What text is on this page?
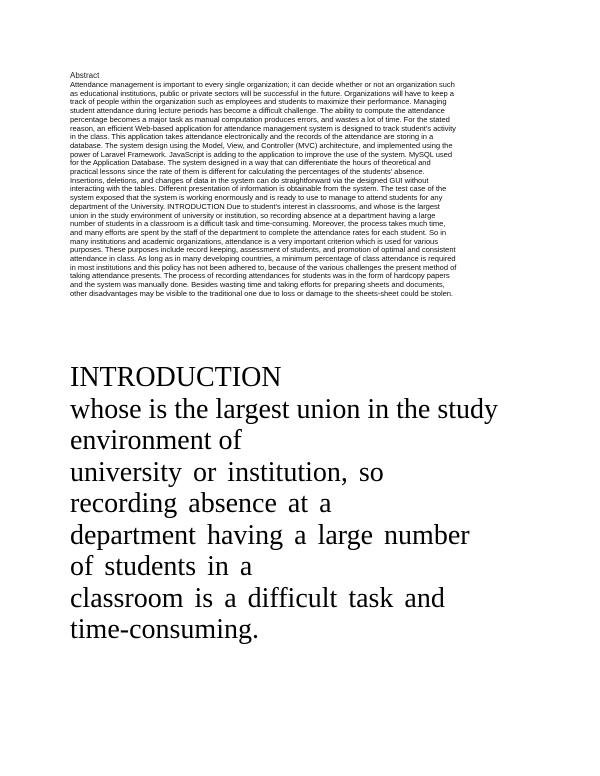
Abstract

Attendance management is important to every single organization; it can decide whether or not an organization such

as educational institutions, public or private sectors will be successful in the future. Organizations will have to keep a

track of people within the organization such as employees and students to maximize their performance. Managing

student attendance during lecture periods has become a difficult challenge. The ability to compute the attendance

percentage becomes a major task as manual computation produces errors, and wastes a lot of time. For the stated

reason, an efficient Web-based application for attendance management system is designed to track student's activity

in the class. This application takes attendance electronically and the records of the attendance are storing in a

database. The system design using the Model, View, and Controller (MVC) architecture, and implemented using the

power of Laravel Framework. JavaScript is adding to the application to improve the use of the system. MySQL used

for the Application Database. The system designed in a way that can differentiate the hours of theoretical and

practical lessons since the rate of them is different for calculating the percentages of the students' absence.

Insertions, deletions, and changes of data in the system can do straightforward via the designed GUI without

interacting with the tables. Different presentation of information is obtainable from the system. The test case of the

system exposed that the system is working enormously and is ready to use to manage to attend students for any

department of the University. INTRODUCTION Due to student's interest in classrooms, and whose is the largest

union in the study environment of university or institution, so recording absence at a department having a large

number of students in a classroom is a difficult task and time-consuming. Moreover, the process takes much time,

and many efforts are spent by the staff of the department to complete the attendance rates for each student. So in

many institutions and academic organizations, attendance is a very important criterion which is used for various

purposes. These purposes include record keeping, assessment of students, and promotion of optimal and consistent

attendance in class. As long as in many developing countries, a minimum percentage of class attendance is required

in most institutions and this policy has not been adhered to, because of the various challenges the present method of

taking attendance presents. The process of recording attendances for students was in the form of hardcopy papers

and the system was manually done. Besides wasting time and taking efforts for preparing sheets and documents,

other disadvantages may be visible to the traditional one due to loss or damage to the sheets-sheet could be stolen.

INTRODUCTION
whose is the largest union in the study
environment of
university or institution, so
recording absence at a
department having a large number
of students in a
classroom is a difficult task and
time-consuming.
